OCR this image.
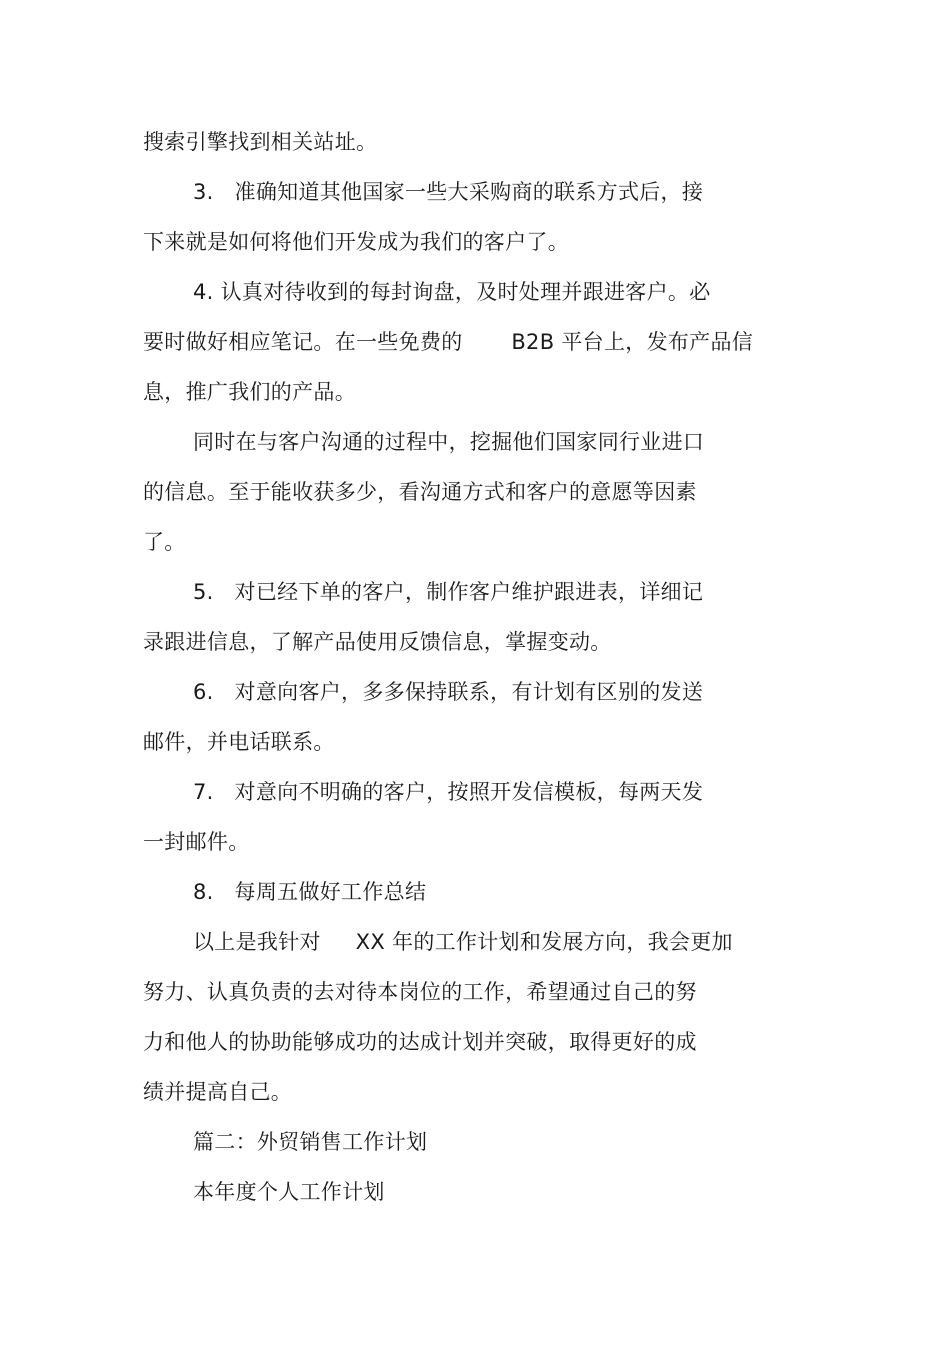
搜索引擎找到相关站址。
3.   准确知道其他国家一些大采购商的联系方式后，接
下来就是如何将他们开发成为我们的客户了。
4. 认真对待收到的每封询盘，及时处理并跟进客户。必
要时做好相应笔记。在一些免费的       B2B 平台上，发布产品信
息，推广我们的产品。
同时在与客户沟通的过程中，挖掘他们国家同行业进口
的信息。至于能收获多少，看沟通方式和客户的意愿等因素
了。
5.   对已经下单的客户，制作客户维护跟进表，详细记
录跟进信息，了解产品使用反馈信息，掌握变动。
6.   对意向客户，多多保持联系，有计划有区别的发送
邮件，并电话联系。
7.   对意向不明确的客户，按照开发信模板，每两天发
一封邮件。
8.   每周五做好工作总结
以上是我针对     XX 年的工作计划和发展方向，我会更加
努力、认真负责的去对待本岗位的工作，希望通过自己的努
力和他人的协助能够成功的达成计划并突破，取得更好的成
绩并提高自己。
篇二：外贸销售工作计划
本年度个人工作计划
